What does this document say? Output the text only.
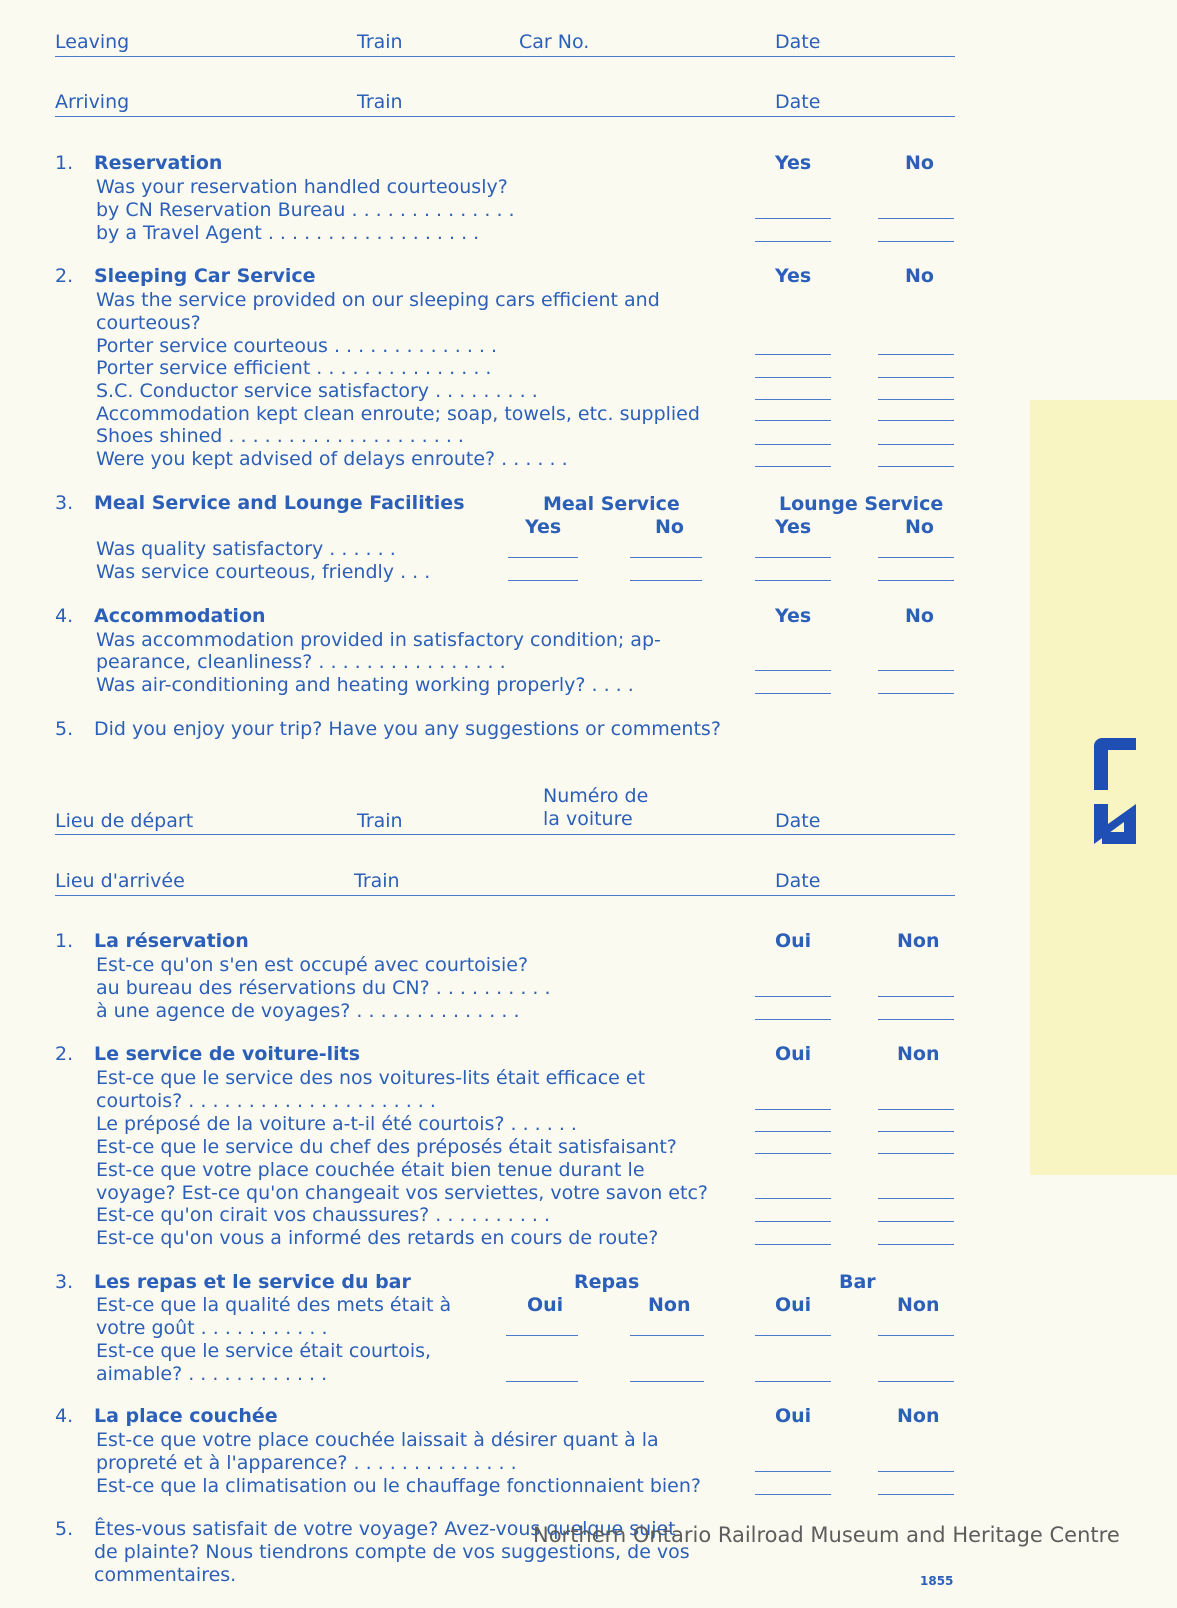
Leaving	Train	Car No.	Date
Arriving	Train	Date
1. Reservation	Yes	No
Was your reservation handled courteously?
by CN Reservation Bureau . . . . . . . . . . . . . .
by a Travel Agent . . . . . . . . . . . . . . . . . .
2. Sleeping Car Service	Yes	No
Was the service provided on our sleeping cars efficient and
courteous?
Porter service courteous . . . . . . . . . . . . . .
Porter service efficient . . . . . . . . . . . . . . .
S.C. Conductor service satisfactory . . . . . . . . .
Accommodation kept clean enroute; soap, towels, etc. supplied
Shoes shined . . . . . . . . . . . . . . . . . . . .
Were you kept advised of delays enroute? . . . . . .
3. Meal Service and Lounge Facilities	Meal Service	Lounge Service
Yes	No	Yes	No
Was quality satisfactory . . . . . .
Was service courteous, friendly . . .
4. Accommodation	Yes	No
Was accommodation provided in satisfactory condition; ap-
pearance, cleanliness? . . . . . . . . . . . . . . . .
Was air-conditioning and heating working properly? . . . .
5. Did you enjoy your trip? Have you any suggestions or comments?
Numéro de
la voiture
Lieu de départ	Train	Date
Lieu d'arrivée	Train	Date
1. La réservation	Oui	Non
Est-ce qu'on s'en est occupé avec courtoisie?
au bureau des réservations du CN? . . . . . . . . . .
à une agence de voyages? . . . . . . . . . . . . . .
2. Le service de voiture-lits	Oui	Non
Est-ce que le service des nos voitures-lits était efficace et
courtois? . . . . . . . . . . . . . . . . . . . . .
Le préposé de la voiture a-t-il été courtois? . . . . . .
Est-ce que le service du chef des préposés était satisfaisant?
Est-ce que votre place couchée était bien tenue durant le
voyage? Est-ce qu'on changeait vos serviettes, votre savon etc?
Est-ce qu'on cirait vos chaussures? . . . . . . . . . .
Est-ce qu'on vous a informé des retards en cours de route?
3. Les repas et le service du bar	Repas	Bar
Oui	Non	Oui	Non
Est-ce que la qualité des mets était à
votre goût . . . . . . . . . . .
Est-ce que le service était courtois,
aimable? . . . . . . . . . . . .
4. La place couchée	Oui	Non
Est-ce que votre place couchée laissait à désirer quant à la
propreté et à l'apparence? . . . . . . . . . . . . . .
Est-ce que la climatisation ou le chauffage fonctionnaient bien?
5. Êtes-vous satisfait de votre voyage? Avez-vous quelque sujet
de plainte? Nous tiendrons compte de vos suggestions, de vos
commentaires.	1855
Northern Ontario Railroad Museum and Heritage Centre
